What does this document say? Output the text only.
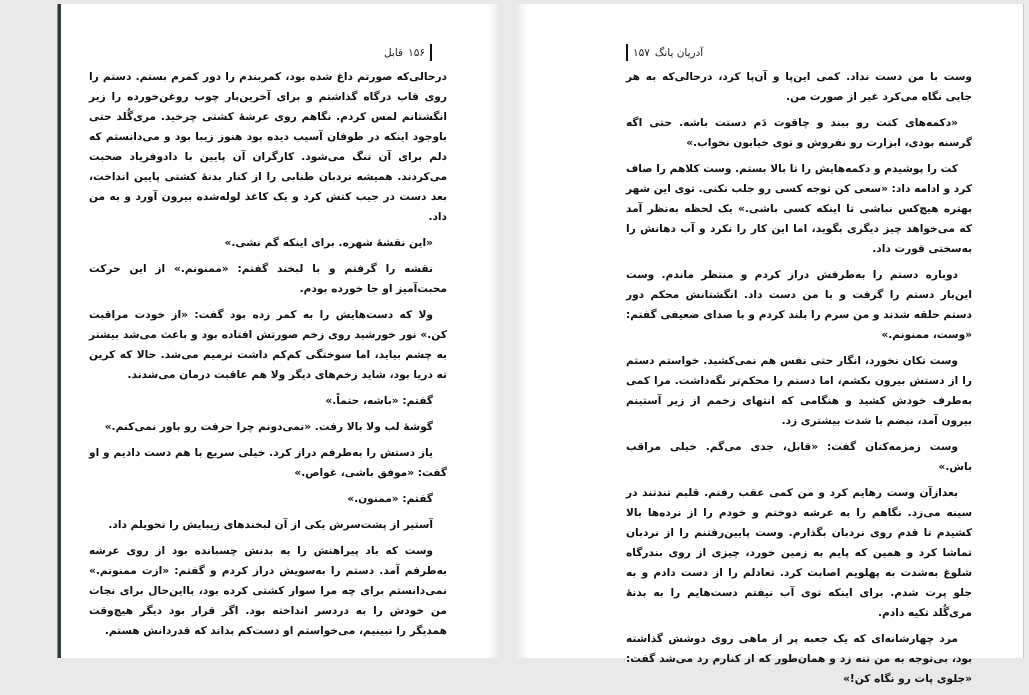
قابل ۱۵۶

درحالی‌که صورتم داغ شده بود، کمربندم را دور کمرم بستم. دستم را روی قاب درگاه گذاشتم و برای آخرین‌بار چوب روغن‌خورده را زیر انگشتانم لمس کردم. نگاهم روی عرشهٔ کشتی چرخید. مری‌گُلد حتی باوجود اینکه در طوفان آسیب دیده بود هنوز زیبا بود و می‌دانستم که دلم برای آن تنگ می‌شود. کارگران آن پایین با داد‌وفریاد صحبت می‌کردند. همیشه نردبان طنابی را از کنار بدنهٔ کشتی پایین انداخت، بعد دست در جیب کتش کرد و یک کاغذ لوله‌شده بیرون آورد و به من داد.

«این نقشهٔ شهره. برای اینکه گم نشی.»

نقشه را گرفتم و با لبخند گفتم: «ممنونم.» از این حرکت محبت‌آمیز او جا خورده بودم.

ولا که دست‌هایش را به کمر زده بود گفت: «از خودت مراقبت کن.» نور خورشید روی زخم صورتش افتاده بود و باعث می‌شد بیشتر به چشم بیاید، اما سوختگی کم‌کم داشت ترمیم می‌شد. حالا که کرین ته دریا بود، شاید زخم‌های دیگر ولا هم عاقبت درمان می‌شدند.

گفتم: «باشه، حتماً.»

گوشهٔ لب ولا بالا رفت. «نمی‌دونم چرا حرفت رو باور نمی‌کنم.»

یاز دستش را به‌طرفم دراز کرد. خیلی سریع با هم دست دادیم و او گفت: «موفق باشی، غواص.»

گفتم: «ممنون.»

آستیر از پشت‌سرش یکی از آن لبخندهای زیبایش را تحویلم داد.

وست که باد پیراهنش را به بدنش چسبانده بود از روی عرشه به‌طرفم آمد. دستم را به‌سویش دراز کردم و گفتم: «ازت ممنونم.» نمی‌دانستم برای چه مرا سوار کشتی کرده بود، بااین‌حال برای نجات من خودش را به دردسر انداخته بود. اگر قرار بود دیگر هیچ‌وقت همدیگر را نبینیم، می‌خواستم او دست‌کم بداند که قدردانش هستم.

۱۵۷ آدریان یانگ

وست با من دست نداد. کمی این‌پا و آن‌پا کرد، درحالی‌که به هر جایی نگاه می‌کرد غیر از صورت من.

«دکمه‌های کتت رو ببند و چاقوت دَم دستت باشه. حتی اگه گرسنه بودی، ابزارت رو نفروش و توی خیابون نخواب.»

کت را پوشیدم و دکمه‌هایش را تا بالا بستم. وست کلاهم را صاف کرد و ادامه داد: «سعی کن توجه کسی رو جلب نکنی. توی این شهر بهتره هیچ‌کس نباشی تا اینکه کسی باشی.» یک لحظه به‌نظر آمد که می‌خواهد چیز دیگری بگوید، اما این کار را نکرد و آب دهانش را به‌سختی قورت داد.

دوباره دستم را به‌طرفش دراز کردم و منتظر ماندم. وست این‌بار دستم را گرفت و با من دست داد. انگشتانش محکم دور دستم حلقه شدند و من سرم را بلند کردم و با صدای ضعیفی گفتم: «وست، ممنونم.»

وست تکان نخورد، انگار حتی نفس هم نمی‌کشید. خواستم دستم را از دستش بیرون بکشم، اما دستم را محکم‌تر نگه‌داشت. مرا کمی به‌طرف خودش کشید و هنگامی که انتهای زخمم از زیر آستینم بیرون آمد، نبضم با شدت بیشتری زد.

وست زمزمه‌کنان گفت: «قابل، جدی می‌گم. خیلی مراقب باش.»

بعدازآن وست رهایم کرد و من کمی عقب رفتم. قلبم تندتند در سینه می‌زد. نگاهم را به عرشه دوختم و خودم را از نرده‌ها بالا کشیدم تا قدم روی نردبان بگذارم. وست پایین‌رفتنم را از نردبان تماشا کرد و همین که پایم به زمین خورد، چیزی از روی بندرگاه شلوغ به‌شدت به پهلویم اصابت کرد. تعادلم را از دست دادم و به جلو پرت شدم. برای اینکه توی آب نیفتم دست‌هایم را به بدنهٔ مری‌گُلد تکیه دادم.

مرد چهارشانه‌ای که یک جعبه پر از ماهی روی دوشش گذاشته بود، بی‌توجه به من تنه زد و همان‌طور که از کنارم رد می‌شد گفت: «جلوی پات رو نگاه کن!»
